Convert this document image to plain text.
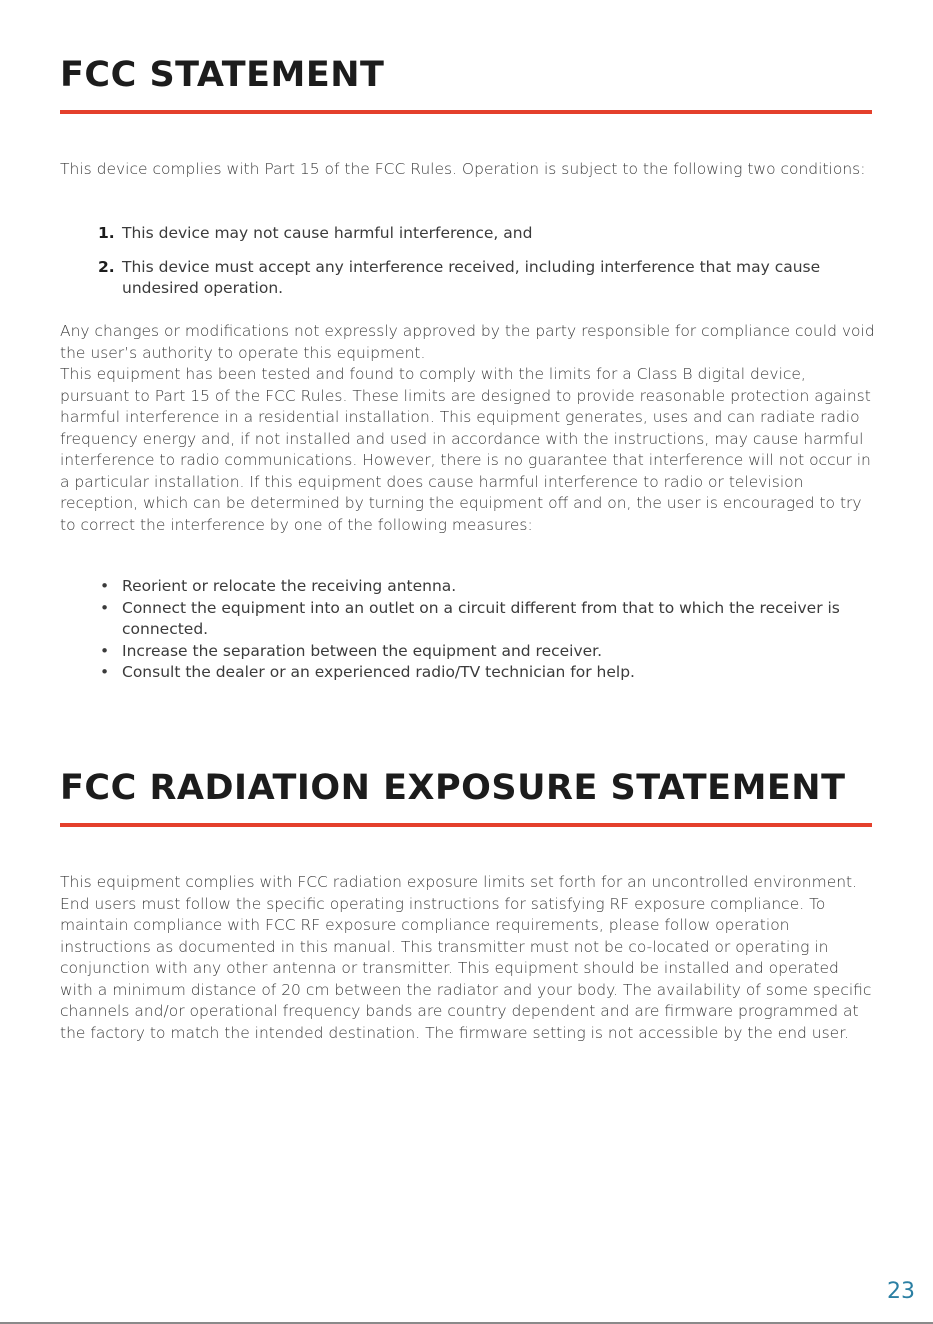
FCC STATEMENT

This device complies with Part 15 of the FCC Rules. Operation is subject to the following two conditions:

1. This device may not cause harmful interference, and
2. This device must accept any interference received, including interference that may cause undesired operation.

Any changes or modifications not expressly approved by the party responsible for compliance could void the user’s authority to operate this equipment.
This equipment has been tested and found to comply with the limits for a Class B digital device, pursuant to Part 15 of the FCC Rules. These limits are designed to provide reasonable protection against harmful interference in a residential installation. This equipment generates, uses and can radiate radio frequency energy and, if not installed and used in accordance with the instructions, may cause harmful interference to radio communications. However, there is no guarantee that interference will not occur in a particular installation. If this equipment does cause harmful interference to radio or television reception, which can be determined by turning the equipment off and on, the user is encouraged to try to correct the interference by one of the following measures:

• Reorient or relocate the receiving antenna.
• Connect the equipment into an outlet on a circuit different from that to which the receiver is connected.
• Increase the separation between the equipment and receiver.
• Consult the dealer or an experienced radio/TV technician for help.
FCC RADIATION EXPOSURE STATEMENT

This equipment complies with FCC radiation exposure limits set forth for an uncontrolled environment. End users must follow the specific operating instructions for satisfying RF exposure compliance. To maintain compliance with FCC RF exposure compliance requirements, please follow operation instructions as documented in this manual. This transmitter must not be co-located or operating in conjunction with any other antenna or transmitter. This equipment should be installed and operated with a minimum distance of 20 cm between the radiator and your body. The availability of some specific channels and/or operational frequency bands are country dependent and are firmware programmed at the factory to match the intended destination. The firmware setting is not accessible by the end user.

23
